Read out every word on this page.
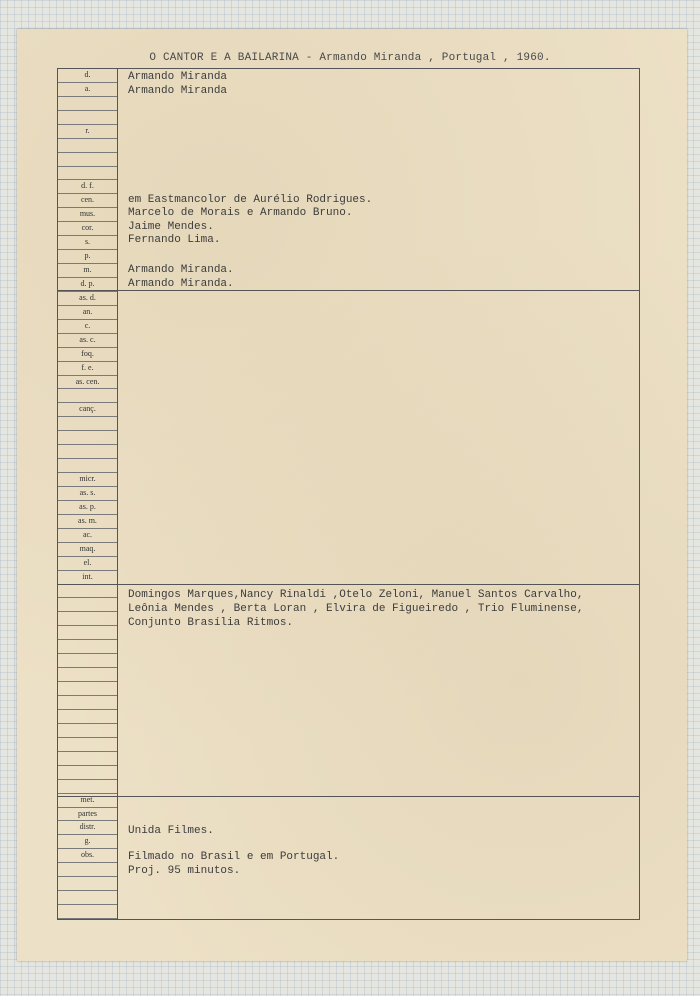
O CANTOR E A BAILARINA - Armando Miranda , Portugal , 1960.
d.
a.
r.
d. f.
cen.
mus.
cor.
s.
p.
m.
d. p.
as. d.
an.
c.
as. c.
foq.
f. e.
as. cen.
canç.
micr.
as. s.
as. p.
as. m.
ac.
maq.
el.
int.
met.
partes
distr.
g.
obs.
Armando Miranda
Armando Miranda
em Eastmancolor de Aurélio Rodrigues.
Marcelo de Morais e Armando Bruno.
Jaime Mendes.
Fernando Lima.
Armando Miranda.
Armando Miranda.
Domingos Marques,Nancy Rinaldi ,Otelo Zeloni, Manuel Santos Carvalho,
Leônia Mendes , Berta Loran , Elvira de Figueiredo , Trio Fluminense,
Conjunto Brasília Ritmos.
Unida Filmes.
Filmado no Brasil e em Portugal.
Proj. 95 minutos.
